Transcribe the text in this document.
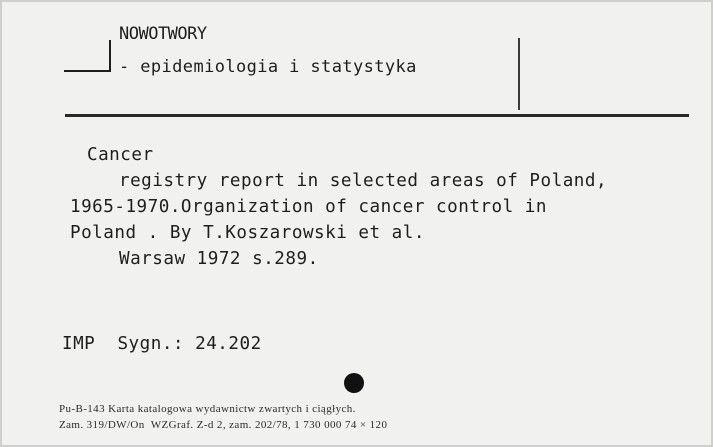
NOWOTWORY
- epidemiologia i statystyka
Cancer
registry report in selected areas of Poland,
1965-1970.Organization of cancer control in
Poland . By T.Koszarowski et al.
Warsaw 1972 s.289.
IMP  Sygn.: 24.202
Pu-B-143 Karta katalogowa wydawnictw zwartych i ciągłych.
Zam. 319/DW/On  WZGraf. Z-d 2, zam. 202/78, 1 730 000 74 × 120
